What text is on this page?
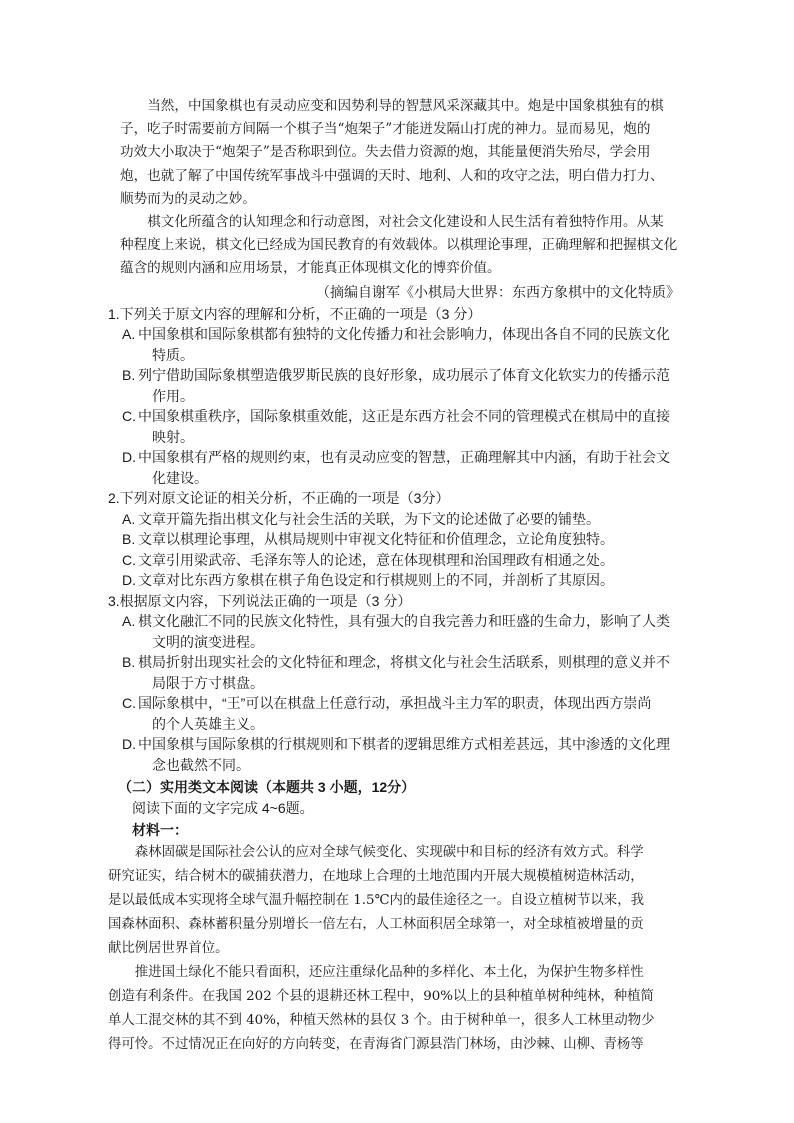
当然，中国象棋也有灵动应变和因势利导的智慧风采深藏其中。炮是中国象棋独有的棋
子，吃子时需要前方间隔一个棋子当“炮架子”才能迸发隔山打虎的神力。显而易见，炮的
功效大小取决于“炮架子”是否称职到位。失去借力资源的炮，其能量便消失殆尽，学会用
炮，也就了解了中国传统军事战斗中强调的天时、地利、人和的攻守之法，明白借力打力、
顺势而为的灵动之妙。
棋文化所蕴含的认知理念和行动意图，对社会文化建设和人民生活有着独特作用。从某
种程度上来说，棋文化已经成为国民教育的有效载体。以棋理论事理，正确理解和把握棋文化
蕴含的规则内涵和应用场景，才能真正体现棋文化的博弈价值。

（摘编自谢军《小棋局大世界：东西方象棋中的文化特质》

1.下列关于原文内容的理解和分析，不正确的一项是（3 分）

A. 中国象棋和国际象棋都有独特的文化传播力和社会影响力，体现出各自不同的民族文化
特质。
B. 列宁借助国际象棋塑造俄罗斯民族的良好形象，成功展示了体育文化软实力的传播示范
作用。
C. 中国象棋重秩序，国际象棋重效能，这正是东西方社会不同的管理模式在棋局中的直接
映射。
D. 中国象棋有严格的规则约束，也有灵动应变的智慧，正确理解其中内涵，有助于社会文
化建设。

2.下列对原文论证的相关分析，不正确的一项是（3分）

A. 文章开篇先指出棋文化与社会生活的关联，为下文的论述做了必要的铺垫。
B. 文章以棋理论事理，从棋局规则中审视文化特征和价值理念，立论角度独特。
C. 文章引用梁武帝、毛泽东等人的论述，意在体现棋理和治国理政有相通之处。
D. 文章对比东西方象棋在棋子角色设定和行棋规则上的不同，并剖析了其原因。

3.根据原文内容，下列说法正确的一项是（3 分）

A. 棋文化融汇不同的民族文化特性，具有强大的自我完善力和旺盛的生命力，影响了人类
文明的演变进程。
B. 棋局折射出现实社会的文化特征和理念，将棋文化与社会生活联系，则棋理的意义并不
局限于方寸棋盘。
C. 国际象棋中，“王”可以在棋盘上任意行动，承担战斗主力军的职责，体现出西方崇尚
的个人英雄主义。
D. 中国象棋与国际象棋的行棋规则和下棋者的逻辑思维方式相差甚远，其中渗透的文化理
念也截然不同。

（二）实用类文本阅读（本题共 3 小题，12分）

阅读下面的文字完成 4~6题。

材料一：

森林固碳是国际社会公认的应对全球气候变化、实现碳中和目标的经济有效方式。科学
研究证实，结合树木的碳捕获潜力，在地球上合理的土地范围内开展大规模植树造林活动，
是以最低成本实现将全球气温升幅控制在 1.5℃内的最佳途径之一。自设立植树节以来，我
国森林面积、森林蓄积量分别增长一倍左右，人工林面积居全球第一，对全球植被增量的贡
献比例居世界首位。
推进国土绿化不能只看面积，还应注重绿化品种的多样化、本土化，为保护生物多样性
创造有利条件。在我国 202 个县的退耕还林工程中，90%以上的县种植单树种纯林，种植简
单人工混交林的其不到 40%，种植天然林的县仅 3 个。由于树种单一，很多人工林里动物少
得可怜。不过情况正在向好的方向转变，在青海省门源县浩门林场，由沙棘、山柳、青杨等
